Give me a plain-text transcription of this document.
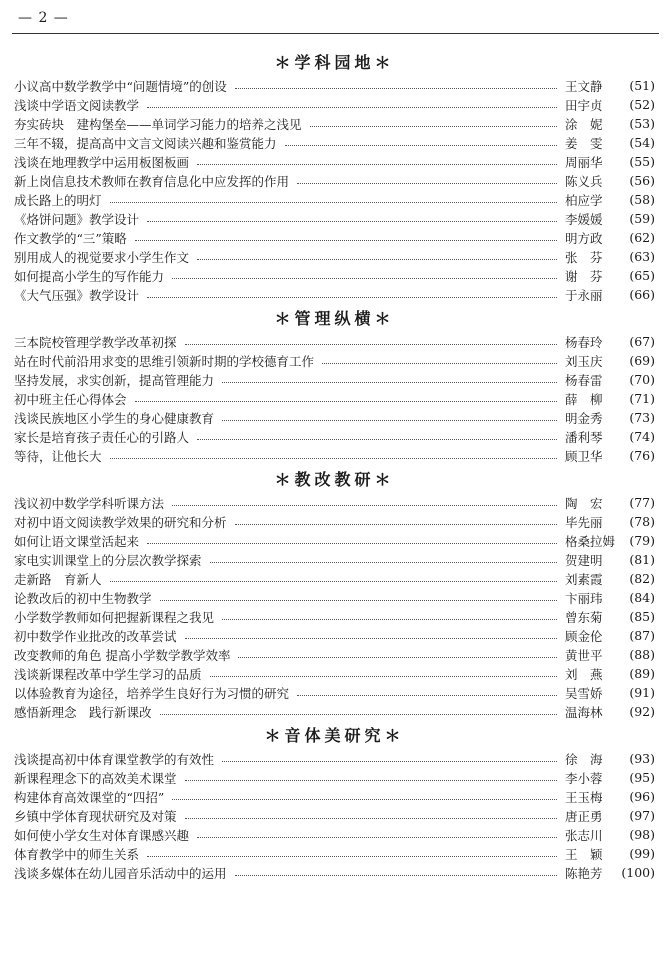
— 2 —
＊学科园地＊
小议高中数学教学中“问题情境”的创设	王文静	(51)
浅谈中学语文阅读教学	田宇贞	(52)
夯实砖块　建构堡垒——单词学习能力的培养之浅见	涂　妮	(53)
三年不辍，提高高中文言文阅读兴趣和鉴赏能力	姜　雯	(54)
浅谈在地理教学中运用板图板画	周丽华	(55)
新上岗信息技术教师在教育信息化中应发挥的作用	陈义兵	(56)
成长路上的明灯	柏应学	(58)
《烙饼问题》教学设计	李媛媛	(59)
作文教学的“三”策略	明方政	(62)
别用成人的视觉要求小学生作文	张　芬	(63)
如何提高小学生的写作能力	谢　芬	(65)
《大气压强》教学设计	于永丽	(66)
＊管理纵横＊
三本院校管理学教学改革初探	杨春玲	(67)
站在时代前沿用求变的思维引领新时期的学校德育工作	刘玉庆	(69)
坚持发展，求实创新，提高管理能力	杨春雷	(70)
初中班主任心得体会	薛　柳	(71)
浅谈民族地区小学生的身心健康教育	明金秀	(73)
家长是培育孩子责任心的引路人	潘利琴	(74)
等待，让他长大	顾卫华	(76)
＊教改教研＊
浅议初中数学学科听课方法	陶　宏	(77)
对初中语文阅读教学效果的研究和分析	毕先丽	(78)
如何让语文课堂活起来	格桑拉姆	(79)
家电实训课堂上的分层次教学探索	贺建明	(81)
走新路　育新人	刘素霞	(82)
论教改后的初中生物教学	卞丽玮	(84)
小学数学教师如何把握新课程之我见	曾东菊	(85)
初中数学作业批改的改革尝试	顾金伦	(87)
改变教师的角色 提高小学数学教学效率	黄世平	(88)
浅谈新课程改革中学生学习的品质	刘　燕	(89)
以体验教育为途径，培养学生良好行为习惯的研究	吴雪娇	(91)
感悟新理念　践行新课改	温海林	(92)
＊音体美研究＊
浅谈提高初中体育课堂教学的有效性	徐　海	(93)
新课程理念下的高效美术课堂	李小蓉	(95)
构建体育高效课堂的“四招”	王玉梅	(96)
乡镇中学体育现状研究及对策	唐正勇	(97)
如何使小学女生对体育课感兴趣	张志川	(98)
体育教学中的师生关系	王　颖	(99)
浅谈多媒体在幼儿园音乐活动中的运用	陈艳芳	(100)
